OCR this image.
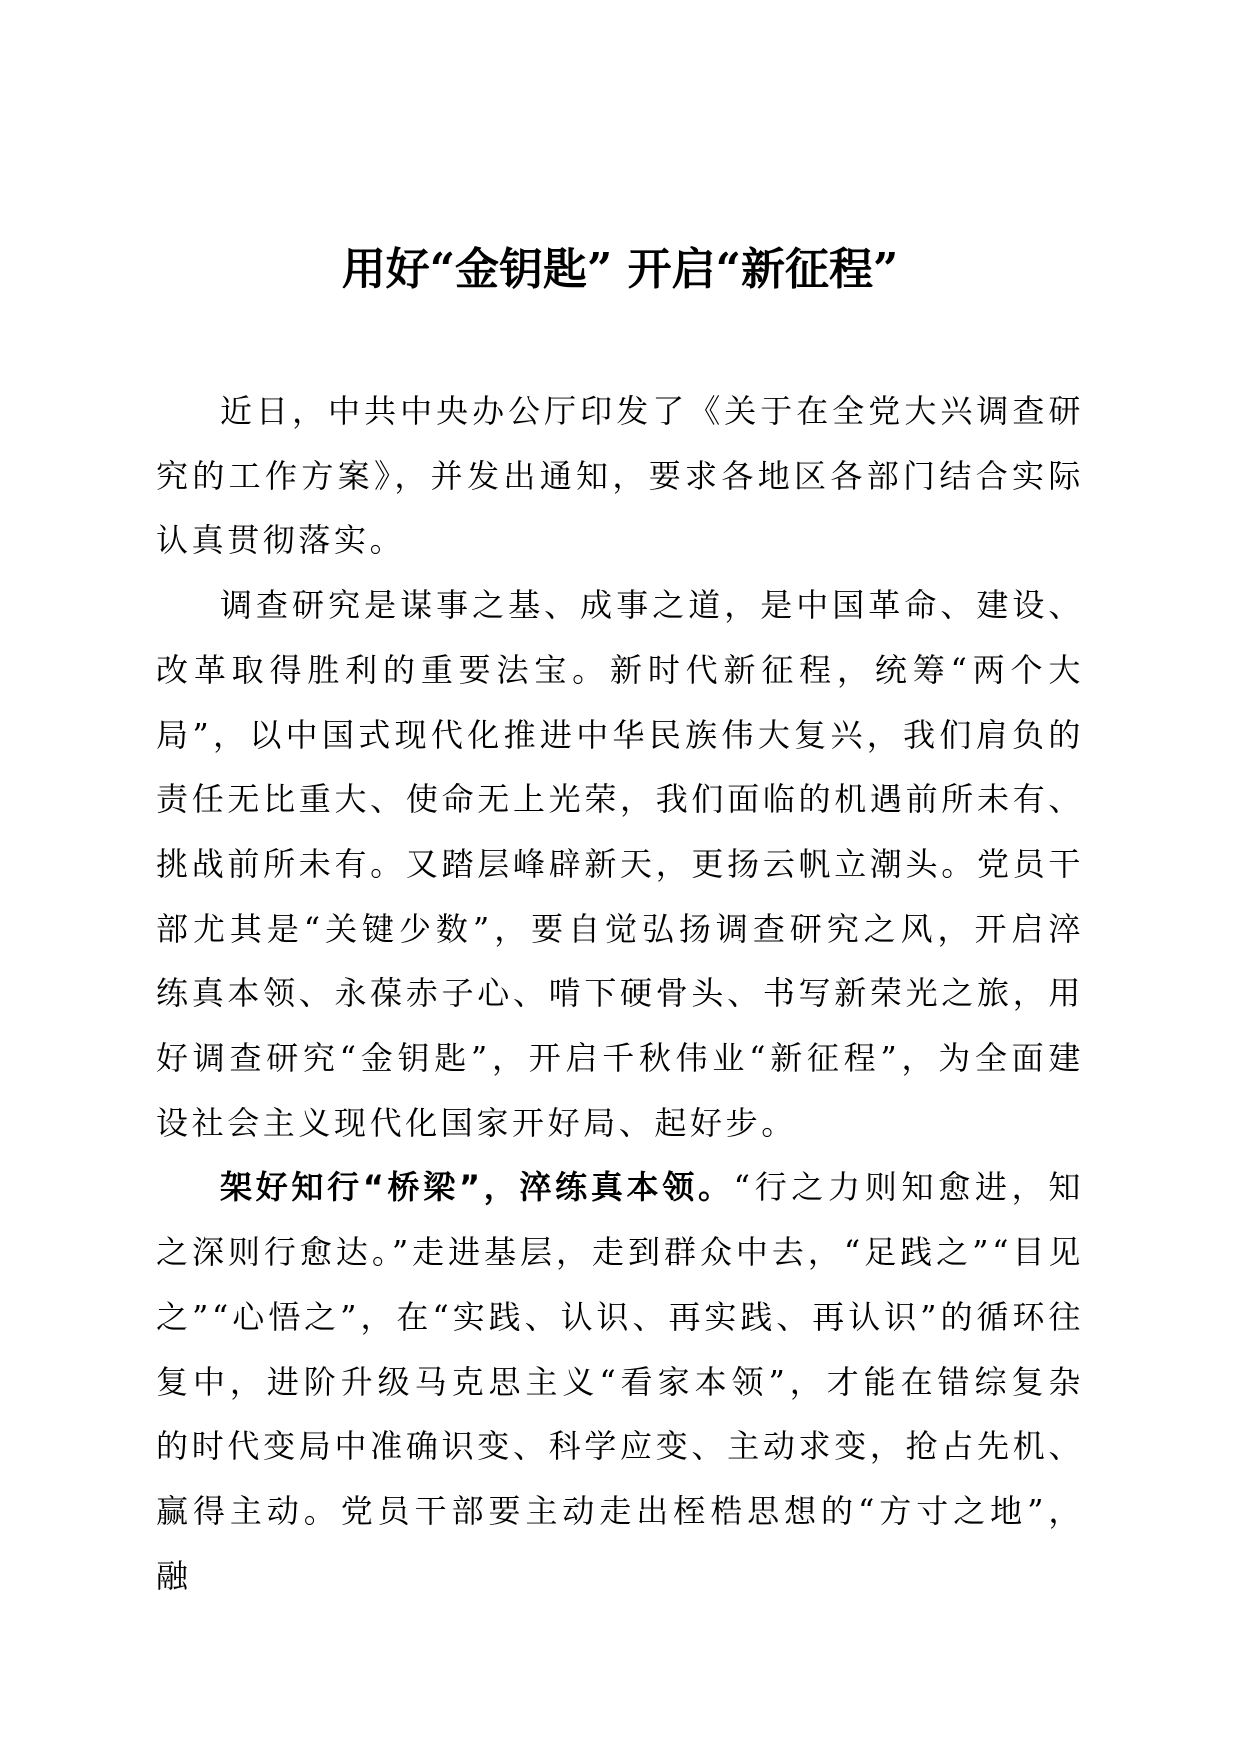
用好“金钥匙” 开启“新征程”

近日，中共中央办公厅印发了《关于在全党大兴调查研究的工作方案》，并发出通知，要求各地区各部门结合实际认真贯彻落实。

调查研究是谋事之基、成事之道，是中国革命、建设、改革取得胜利的重要法宝。新时代新征程，统筹“两个大局”，以中国式现代化推进中华民族伟大复兴，我们肩负的责任无比重大、使命无上光荣，我们面临的机遇前所未有、挑战前所未有。又踏层峰辟新天，更扬云帆立潮头。党员干部尤其是“关键少数”，要自觉弘扬调查研究之风，开启淬练真本领、永葆赤子心、啃下硬骨头、书写新荣光之旅，用好调查研究“金钥匙”，开启千秋伟业“新征程”，为全面建设社会主义现代化国家开好局、起好步。

架好知行“桥梁”，淬练真本领。“行之力则知愈进，知之深则行愈达。”走进基层，走到群众中去，“足践之”“目见之”“心悟之”，在“实践、认识、再实践、再认识”的循环往复中，进阶升级马克思主义“看家本领”，才能在错综复杂的时代变局中准确识变、科学应变、主动求变，抢占先机、赢得主动。党员干部要主动走出桎梏思想的“方寸之地”，融
